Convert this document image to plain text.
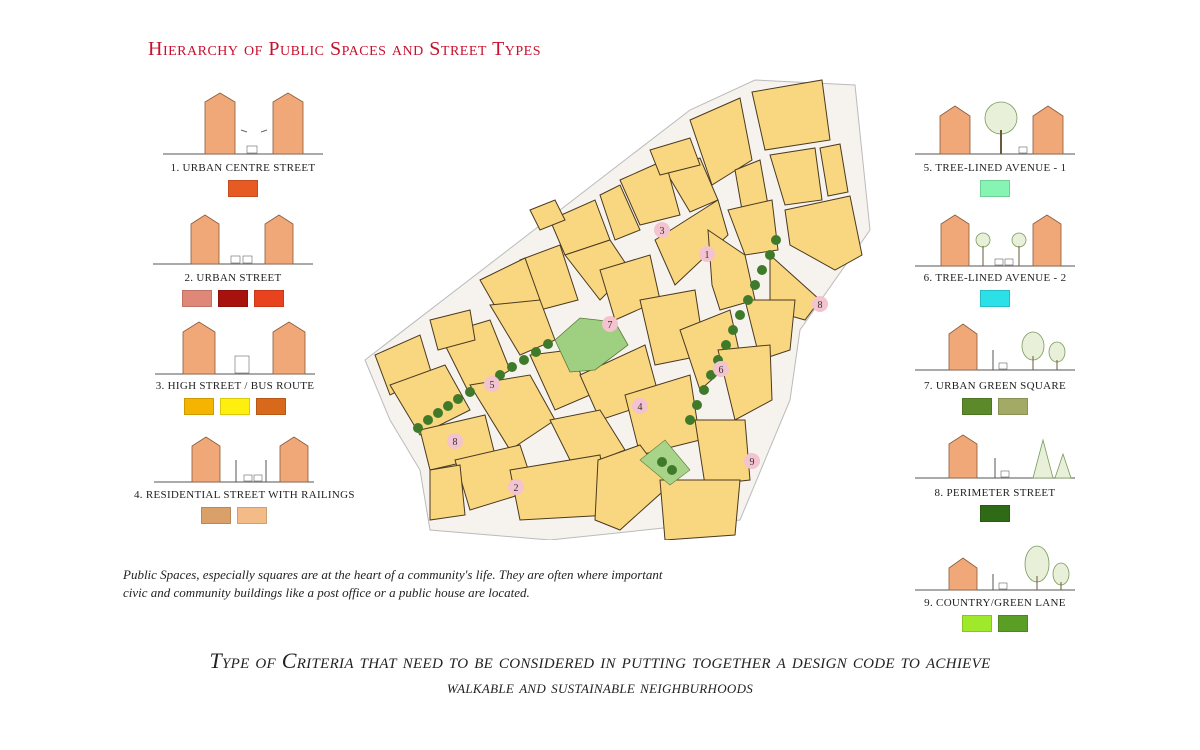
Hierarchy of Public Spaces and Street Types
1. URBAN CENTRE STREET
2. URBAN STREET
3. HIGH STREET / BUS ROUTE
4. RESIDENTIAL STREET WITH RAILINGS
5. TREE-LINED AVENUE - 1
6. TREE-LINED AVENUE - 2
7. URBAN GREEN SQUARE
8. PERIMETER STREET
9. COUNTRY/GREEN LANE
1
2
3
4
5
6
7
8
8
9
Public Spaces, especially squares are at the heart of a community's life. They are often where important civic and community buildings like a post office or a public house are located.
Type of Criteria that need to be considered in putting together a design code to achieve
walkable and sustainable neighburhoods
